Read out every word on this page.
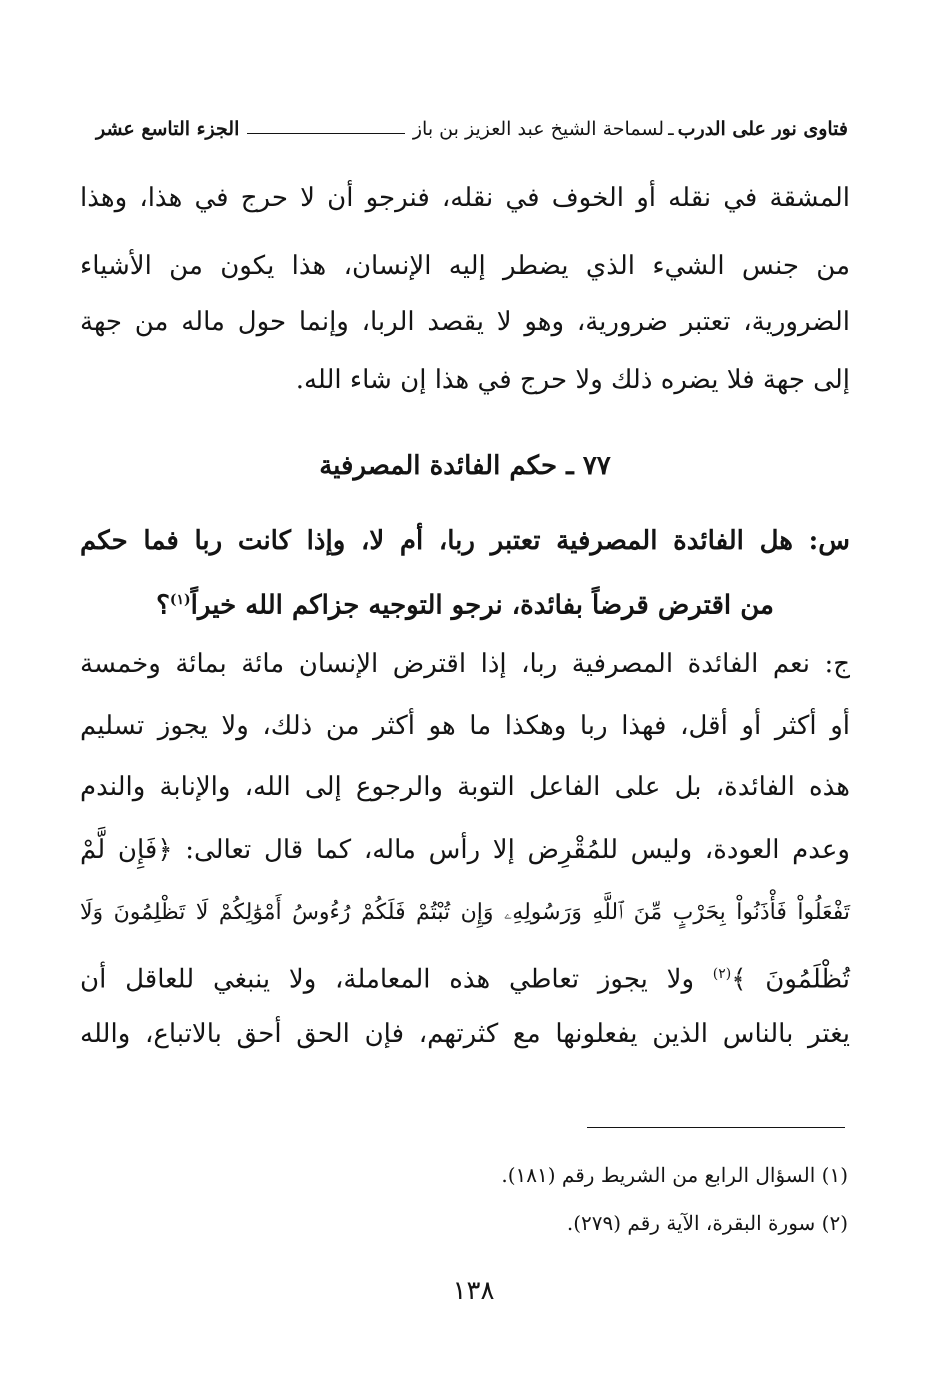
فتاوى نور على الدرب
ـ
لسماحة الشيخ عبد العزيز بن باز
الجزء التاسع عشر
المشقة في نقله أو الخوف في نقله، فنرجو أن لا حرج في هذا، وهذا
من جنس الشيء الذي يضطر إليه الإنسان، هذا يكون من الأشياء
الضرورية، تعتبر ضرورية، وهو لا يقصد الربا، وإنما حول ماله من جهة
إلى جهة فلا يضره ذلك ولا حرج في هذا إن شاء الله.
٧٧ ـ حكم الفائدة المصرفية
س: هل الفائدة المصرفية تعتبر ربا، أم لا، وإذا كانت ربا فما حكم
من اقترض قرضاً بفائدة، نرجو التوجيه جزاكم الله خيراً$^{(١)}$؟
ج: نعم الفائدة المصرفية ربا، إذا اقترض الإنسان مائة بمائة وخمسة
أو أكثر أو أقل، فهذا ربا وهكذا ما هو أكثر من ذلك، ولا يجوز تسليم
هذه الفائدة، بل على الفاعل التوبة والرجوع إلى الله، والإنابة والندم
وعدم العودة، وليس للمُقْرِض إلا رأس ماله، كما قال تعالى: ﴿فَإِن لَّمْ
تَفْعَلُواْ فَأْذَنُواْ بِحَرْبٍ مِّنَ ٱللَّهِ وَرَسُولِهِۦ وَإِن تُبْتُمْ فَلَكُمْ رُءُوسُ أَمْوَٰلِكُمْ لَا تَظْلِمُونَ وَلَا
تُظْلَمُونَ ﴾$^{(٢)}$ ولا يجوز تعاطي هذه المعاملة، ولا ينبغي للعاقل أن
يغتر بالناس الذين يفعلونها مع كثرتهم، فإن الحق أحق بالاتباع، والله
(١) السؤال الرابع من الشريط رقم (١٨١).
(٢) سورة البقرة، الآية رقم (٢٧٩).
١٣٨
